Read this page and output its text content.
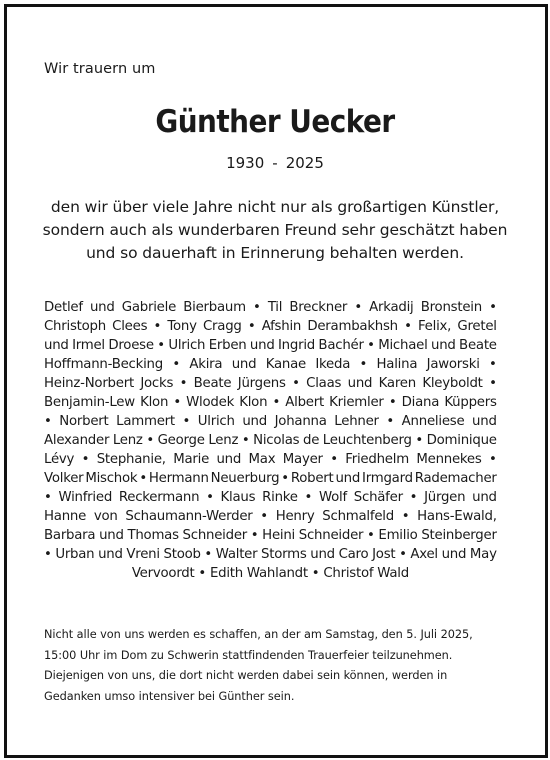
Wir trauern um
Günther Uecker
1930 - 2025
den wir über viele Jahre nicht nur als großartigen Künstler,
sondern auch als wunderbaren Freund sehr geschätzt haben
und so dauerhaft in Erinnerung behalten werden.
Detlef und Gabriele Bierbaum • Til Breckner • Arkadij Bronstein •
Christoph Clees • Tony Cragg • Afshin Derambakhsh • Felix, Gretel
und Irmel Droese • Ulrich Erben und Ingrid Bachér • Michael und Beate
Hoffmann-Becking • Akira und Kanae Ikeda • Halina Jaworski •
Heinz-Norbert Jocks • Beate Jürgens • Claas und Karen Kleyboldt •
Benjamin-Lew Klon • Wlodek Klon • Albert Kriemler • Diana Küppers
• Norbert Lammert • Ulrich und Johanna Lehner • Anneliese und
Alexander Lenz • George Lenz • Nicolas de Leuchtenberg • Dominique
Lévy • Stephanie, Marie und Max Mayer • Friedhelm Mennekes •
Volker Mischok • Hermann Neuerburg • Robert und Irmgard Rademacher
• Winfried Reckermann • Klaus Rinke • Wolf Schäfer • Jürgen und
Hanne von Schaumann-Werder • Henry Schmalfeld • Hans-Ewald,
Barbara und Thomas Schneider • Heini Schneider • Emilio Steinberger
• Urban und Vreni Stoob • Walter Storms und Caro Jost • Axel und May
Vervoordt • Edith Wahlandt • Christof Wald
Nicht alle von uns werden es schaffen, an der am Samstag, den 5. Juli 2025,
15:00 Uhr im Dom zu Schwerin stattfindenden Trauerfeier teilzunehmen.
Diejenigen von uns, die dort nicht werden dabei sein können, werden in
Gedanken umso intensiver bei Günther sein.
